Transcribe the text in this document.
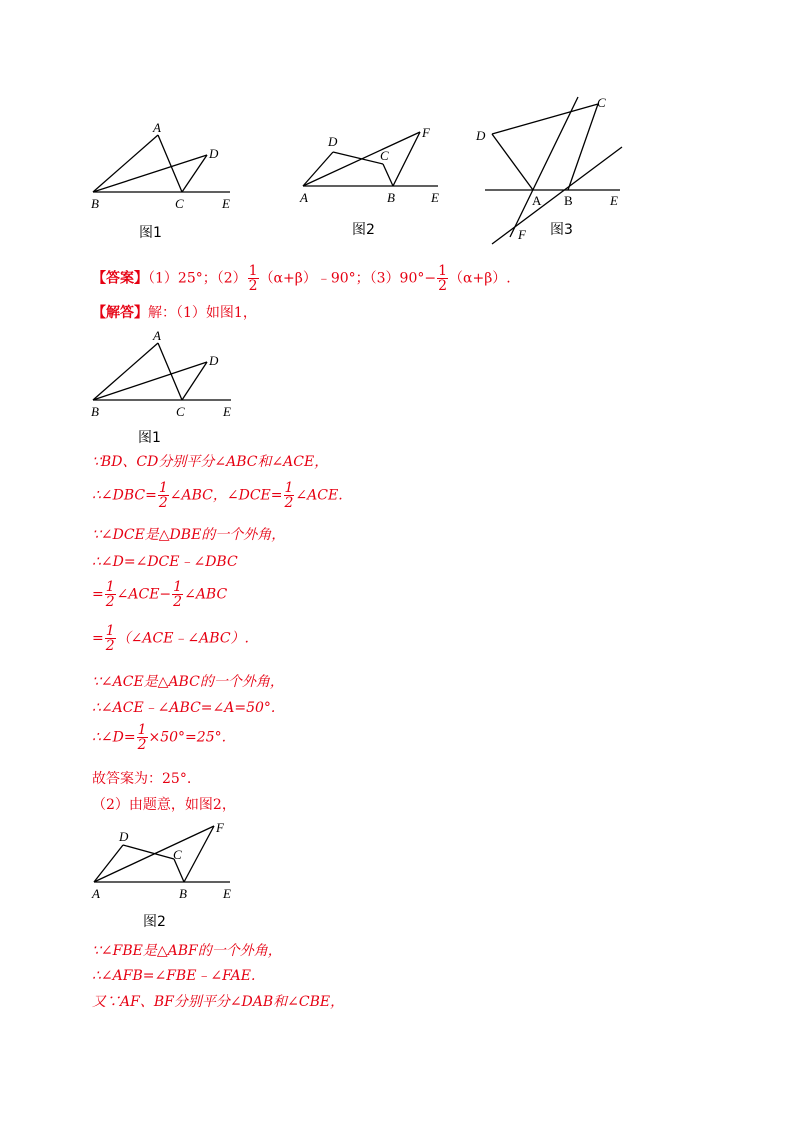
A
B	C
D
E
图1
D
C
F
A	B	E
图2
D
C
A B	E
F 图3
【答案】（1）25°；$(2) \frac{1}{2}$ （α+β）﹣90°；$(3)90^\circ- \frac{1}{2} (\alpha+\beta)$.
【解答】解：（1）如图1，
A
B	C
D
E
图1
∵BD、CD分别平分∠ABC和∠ACE，
∴∠DBC= $\frac{1}{2}$ ∠ABC，∠DCE= $\frac{1}{2}$ ∠ACE.
∵∠DCE是△DBE的一个外角，
∴∠D=∠DCE﹣∠DBC
= $\frac{1}{2}$ ∠ACE− $\frac{1}{2}$ ∠ABC
= $\frac{1}{2}$ （∠ACE﹣∠ABC）.
∵∠ACE是△ABC的一个外角，
∴∠ACE﹣∠ABC=∠A=50°.
∴∠D= $\frac{1}{2} \times 50^\circ=25^\circ$.
故答案为：25°.
（2）由题意，如图2，
D
C
F
A	B	E
图2
∵∠FBE是△ABF的一个外角，
∴∠AFB=∠FBE﹣∠FAE.
又∵AF、BF分别平分∠DAB和∠CBE，
